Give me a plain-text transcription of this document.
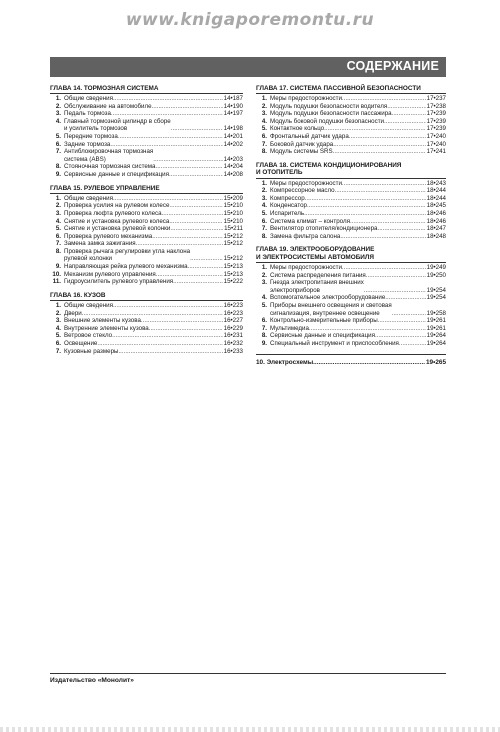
www.knigaporemontu.ru
СОДЕРЖАНИЕ
ГЛАВА 14. ТОРМОЗНАЯ СИСТЕМА
1. Общие сведения .....	14•187
2. Обслуживание на автомобиле .....	14•190
3. Педаль тормоза .....	14•197
4. Главный тормозной цилиндр в сборе
и усилитель тормозов .....	14•198
5. Передние тормоза .....	14•201
6. Задние тормоза .....	14•202
7. Антиблокировочная тормозная
система (ABS) .....	14•203
8. Стояночная тормозная система .....	14•204
9. Сервисные данные и спецификация .....	14•208
ГЛАВА 15. РУЛЕВОЕ УПРАВЛЕНИЕ
1. Общие сведения .....	15•209
2. Проверка усилия на рулевом колесе .....	15•210
3. Проверка люфта рулевого колеса .....	15•210
4. Снятие и установка рулевого колеса .....	15•210
5. Снятие и установка рулевой колонки .....	15•211
6. Проверка рулевого механизма .....	15•212
7. Замена замка зажигания .....	15•212
8. Проверка рычага регулировки угла наклона
рулевой колонки .....	15•212
9. Направляющая рейка рулевого механизма .....	15•213
10. Механизм рулевого управления .....	15•213
11. Гидроусилитель рулевого управления .....	15•222
ГЛАВА 16. КУЗОВ
1. Общие сведения .....	16•223
2. Двери .....	16•223
3. Внешние элементы кузова .....	16•227
4. Внутренние элементы кузова .....	16•229
5. Ветровое стекло .....	16•231
6. Освещение .....	16•232
7. Кузовные размеры .....	16•233
ГЛАВА 17. СИСТЕМА ПАССИВНОЙ БЕЗОПАСНОСТИ
1. Меры предосторожности .....	17•237
2. Модуль подушки безопасности водителя .....	17•238
3. Модуль подушки безопасности пассажира .....	17•239
4. Модуль боковой подушки безопасности .....	17•239
5. Контактное кольцо .....	17•239
6. Фронтальный датчик удара .....	17•240
7. Боковой датчик удара .....	17•240
8. Модуль системы SRS .....	17•241
ГЛАВА 18. СИСТЕМА КОНДИЦИОНИРОВАНИЯ
И ОТОПИТЕЛЬ
1. Меры предосторожности .....	18•243
2. Компрессорное масло .....	18•244
3. Компрессор .....	18•244
4. Конденсатор .....	18•245
5. Испаритель .....	18•246
6. Система климат – контроля .....	18•246
7. Вентилятор отопителя/кондиционера .....	18•247
8. Замена фильтра салона .....	18•248
ГЛАВА 19. ЭЛЕКТРООБОРУДОВАНИЕ
И ЭЛЕКТРОСИСТЕМЫ АВТОМОБИЛЯ
1. Меры предосторожности .....	19•249
2. Система распределения питания .....	19•250
3. Гнезда электропитания внешних
электроприборов .....	19•254
4. Вспомогательное электрооборудование .....	19•254
5. Приборы внешнего освещения и световая
сигнализация, внутреннее освещение .....	19•258
6. Контрольно-измерительные приборы .....	19•261
7. Мультимедиа .....	19•261
8. Сервисные данные и спецификация .....	19•264
9. Специальный инструмент и приспособления .....	19•264
10. Электросхемы .....	19•265
Издательство «Монолит»
